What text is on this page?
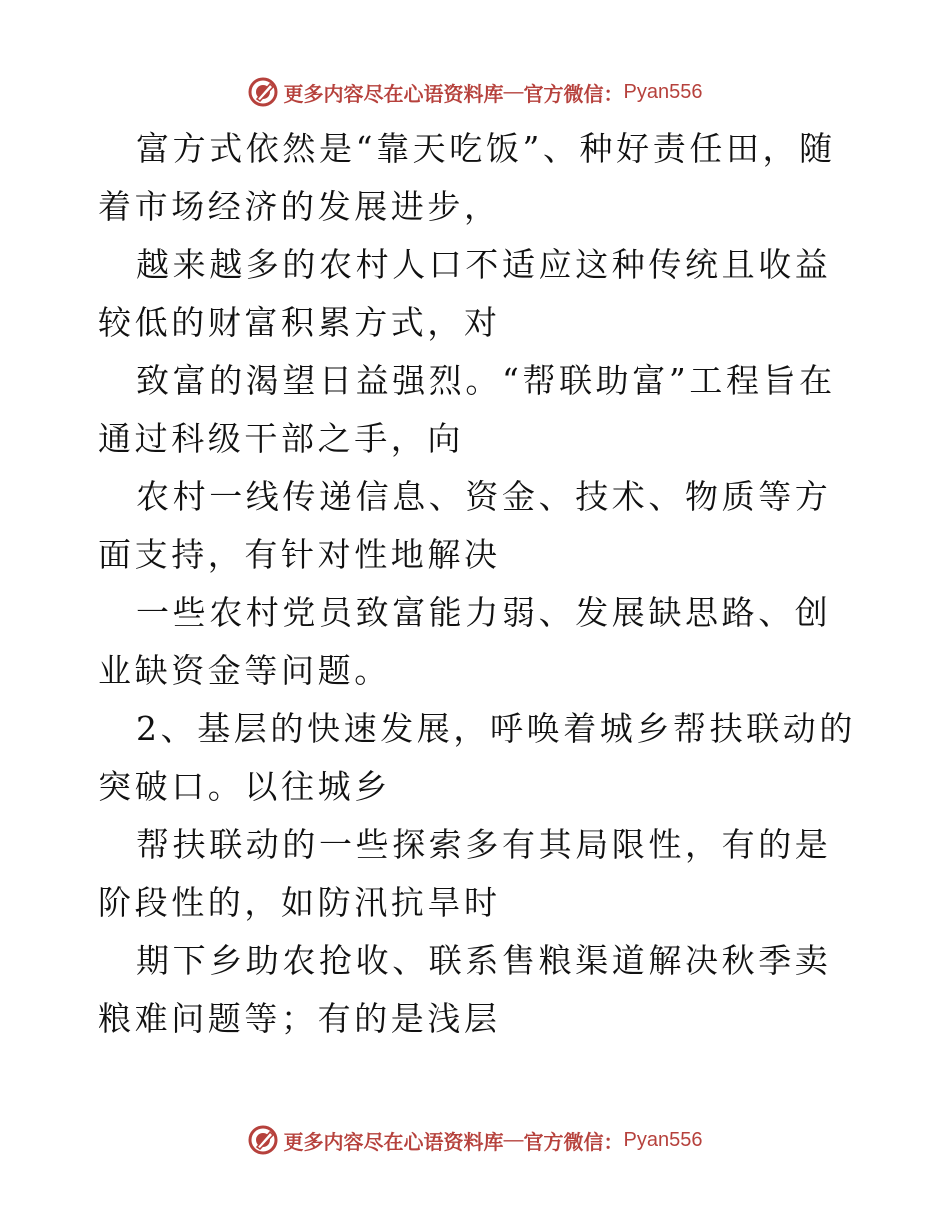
更多内容尽在心语资料库 — 官方微信： Pyan556

富方式依然是“靠天吃饭”、种好责任田，随着市场经济的发展进步，

越来越多的农村人口不适应这种传统且收益较低的财富积累方式，对

致富的渴望日益强烈。“帮联助富”工程旨在通过科级干部之手，向

农村一线传递信息、资金、技术、物质等方面支持，有针对性地解决

一些农村党员致富能力弱、发展缺思路、创业缺资金等问题。

2、基层的快速发展，呼唤着城乡帮扶联动的突破口。以往城乡

帮扶联动的一些探索多有其局限性，有的是阶段性的，如防汛抗旱时

期下乡助农抢收、联系售粮渠道解决秋季卖粮难问题等；有的是浅层

更多内容尽在心语资料库 — 官方微信： Pyan556
